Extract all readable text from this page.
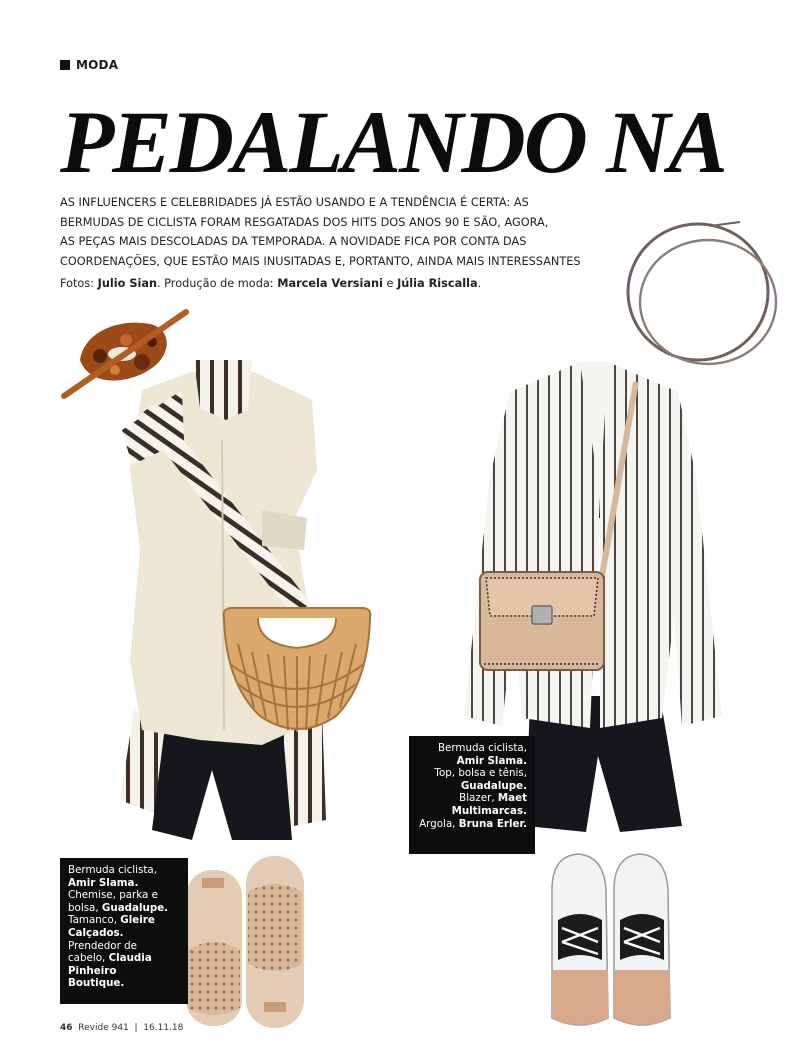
MODA
PEDALANDO NA
AS INFLUENCERS E CELEBRIDADES JÁ ESTÃO USANDO E A TENDÊNCIA É CERTA: AS
BERMUDAS DE CICLISTA FORAM RESGATADAS DOS HITS DOS ANOS 90 E SÃO, AGORA,
AS PEÇAS MAIS DESCOLADAS DA TEMPORADA. A NOVIDADE FICA POR CONTA DAS
COORDENAÇÕES, QUE ESTÃO MAIS INUSITADAS E, PORTANTO, AINDA MAIS INTERESSANTES
Fotos: Julio Sian. Produção de moda: Marcela Versiani e Júlia Riscalla.
Bermuda ciclista,
Amir Slama.
Chemise, parka e
bolsa, Guadalupe.
Tamanco, Gleire
Calçados.
Prendedor de
cabelo, Claudia
Pinheiro
Boutique.
Bermuda ciclista,
Amir Slama.
Top, bolsa e tênis,
Guadalupe.
Blazer, Maet
Multimarcas.
Argola, Bruna Erler.
46 Revide 941 | 16.11.18
